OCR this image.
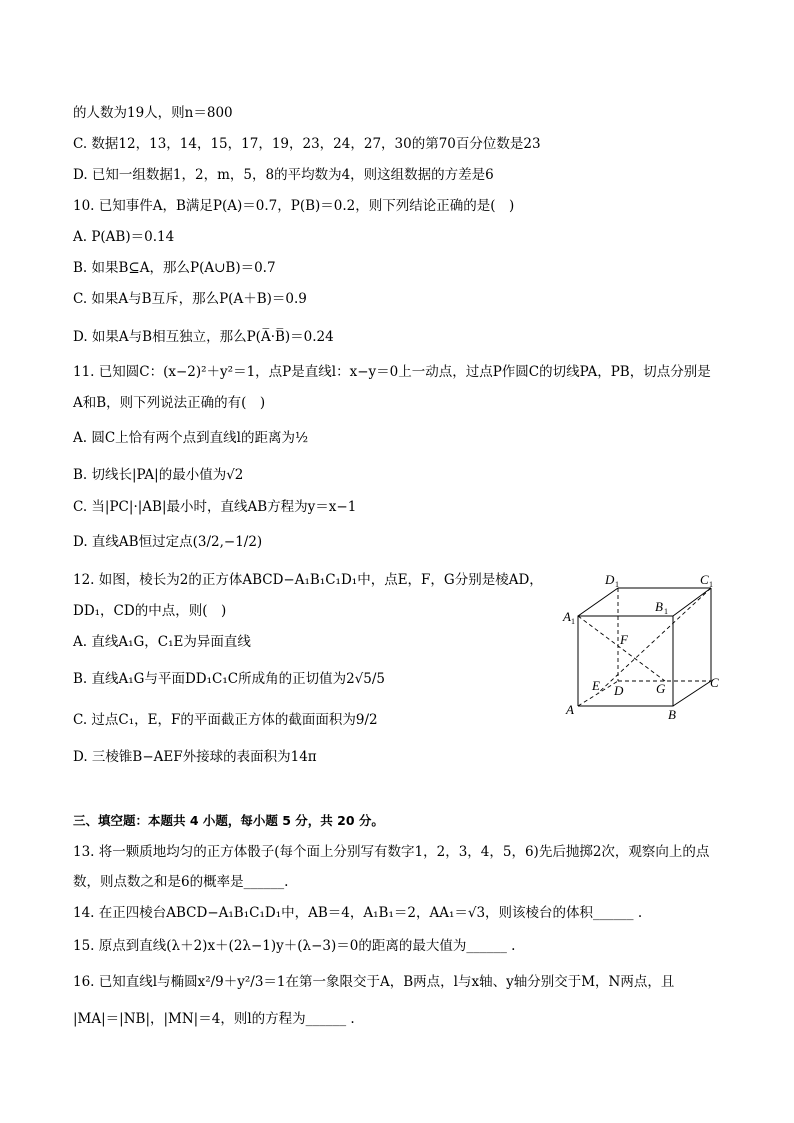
的人数为19人，则n＝800
C. 数据12，13，14，15，17，19，23，24，27，30的第70百分位数是23
D. 已知一组数据1，2，m，5，8的平均数为4，则这组数据的方差是6
10. 已知事件A，B满足P(A)＝0.7，P(B)＝0.2，则下列结论正确的是(　)
A. P(AB)＝0.14
B. 如果B⊆A，那么P(A∪B)＝0.7
C. 如果A与B互斥，那么P(A＋B)＝0.9
D. 如果A与B相互独立，那么P(A̅·B̅)＝0.24
11. 已知圆C：(x−2)²＋y²＝1，点P是直线l：x−y＝0上一动点，过点P作圆C的切线PA，PB，切点分别是
A和B，则下列说法正确的有(　)
A. 圆C上恰有两个点到直线l的距离为½
B. 切线长|PA|的最小值为√2
C. 当|PC|·|AB|最小时，直线AB方程为y＝x−1
D. 直线AB恒过定点(3/2,−1/2)
12. 如图，棱长为2的正方体ABCD−A₁B₁C₁D₁中，点E，F，G分别是棱AD，
DD₁，CD的中点，则(　)
A. 直线A₁G，C₁E为异面直线
B. 直线A₁G与平面DD₁C₁C所成角的正切值为2√5/5
C. 过点C₁，E，F的平面截正方体的截面面积为9/2
D. 三棱锥B−AEF外接球的表面积为14π
三、填空题：本题共 4 小题，每小题 5 分，共 20 分。
13. 将一颗质地均匀的正方体骰子(每个面上分别写有数字1，2，3，4，5，6)先后抛掷2次，观察向上的点
数，则点数之和是6的概率是______.
14. 在正四棱台ABCD−A₁B₁C₁D₁中，AB＝4，A₁B₁＝2，AA₁＝√3，则该棱台的体积______ .
15. 原点到直线(λ＋2)x＋(2λ−1)y＋(λ−3)＝0的距离的最大值为______ .
16. 已知直线l与椭圆x²/9＋y²/3＝1在第一象限交于A，B两点，l与x轴、y轴分别交于M，N两点，且
|MA|＝|NB|，|MN|＝4，则l的方程为______ .
D 1	C 1
A 1
B 1
F
E D	G	C
A	B
